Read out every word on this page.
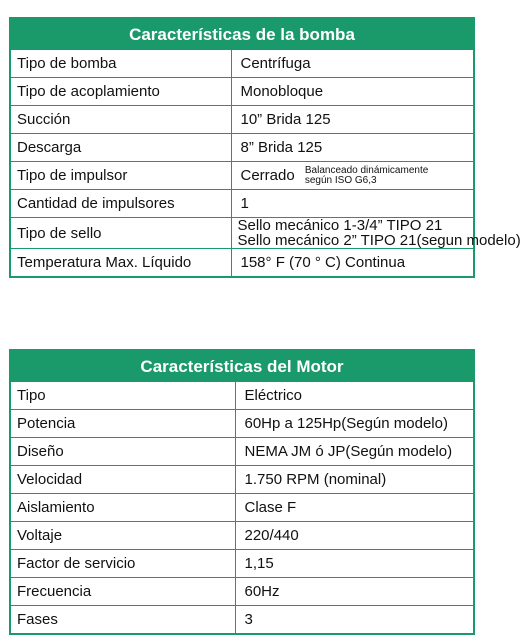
Características de la bomba	
Tipo de bomba	Centrífuga
Tipo de acoplamiento	Monobloque
Succión	10” Brida 125
Descarga	8” Brida 125
Tipo de impulsor	Cerrado Balanceado dinámicamente
según ISO G6,3
Cantidad de impulsores	1
Tipo de sello	Sello mecánico 1-3/4” TIPO 21
Sello mecánico 2” TIPO 21(segun modelo)
Temperatura Max. Líquido	158° F (70 ° C) Continua
Características del Motor	
Tipo	Eléctrico
Potencia	60Hp a 125Hp(Según modelo)
Diseño	NEMA JM ó JP(Según modelo)
Velocidad	1.750 RPM (nominal)
Aislamiento	Clase F
Voltaje	220/440
Factor de servicio	1,15
Frecuencia	60Hz
Fases	3
